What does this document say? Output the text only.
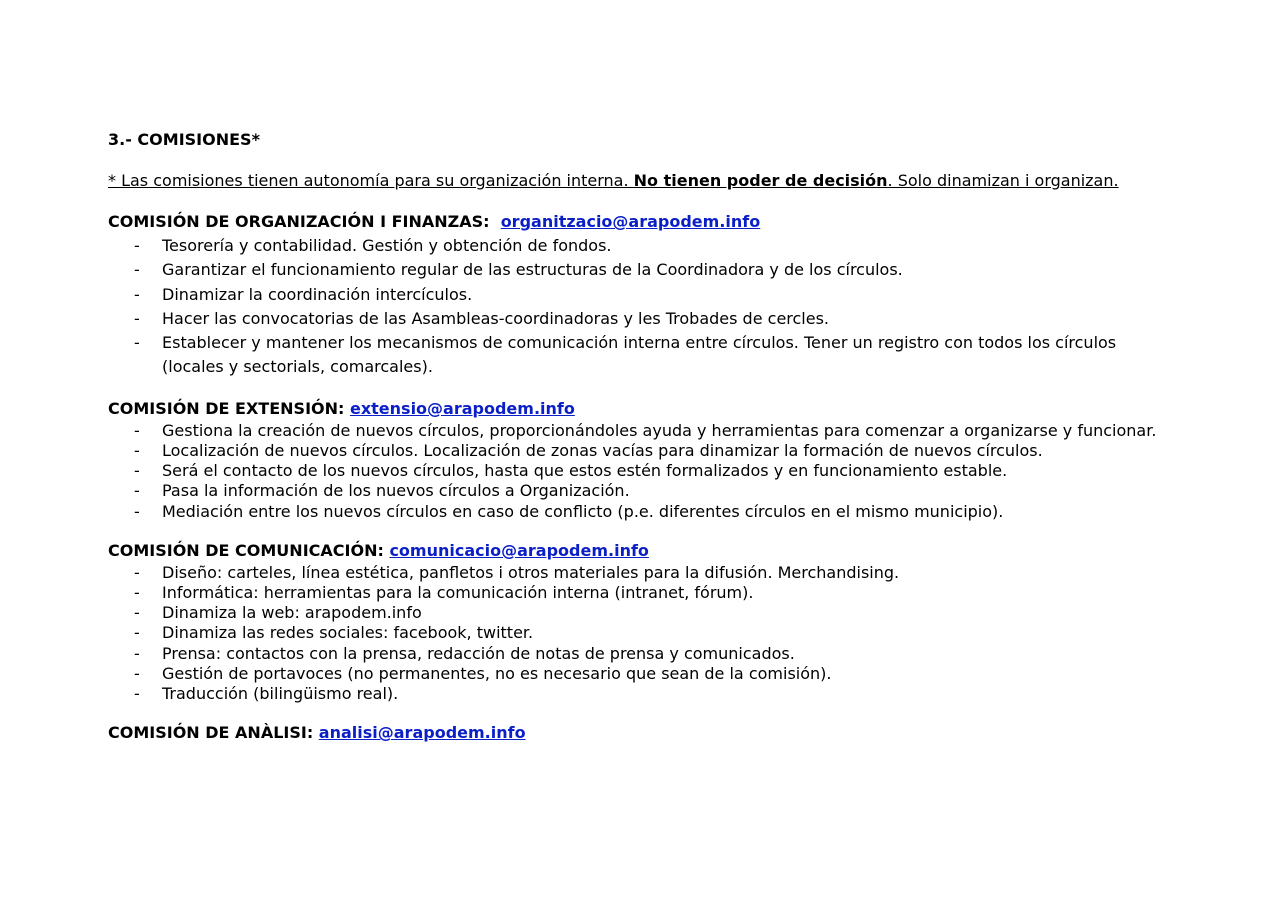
3.- COMISIONES*
* Las comisiones tienen autonomía para su organización interna. No tienen poder de decisión. Solo dinamizan i organizan.
COMISIÓN DE ORGANIZACIÓN I FINANZAS:  organitzacio@arapodem.info
- Tesorería y contabilidad. Gestión y obtención de fondos.
- Garantizar el funcionamiento regular de las estructuras de la Coordinadora y de los círculos.
- Dinamizar la coordinación intercículos.
- Hacer las convocatorias de las Asambleas-coordinadoras y les Trobades de cercles.
- Establecer y mantener los mecanismos de comunicación interna entre círculos. Tener un registro con todos los círculos (locales y sectorials, comarcales).
COMISIÓN DE EXTENSIÓN: extensio@arapodem.info
- Gestiona la creación de nuevos círculos, proporcionándoles ayuda y herramientas para comenzar a organizarse y funcionar.
- Localización de nuevos círculos. Localización de zonas vacías para dinamizar la formación de nuevos círculos.
- Será el contacto de los nuevos círculos, hasta que estos estén formalizados y en funcionamiento estable.
- Pasa la información de los nuevos círculos a Organización.
- Mediación entre los nuevos círculos en caso de conflicto (p.e. diferentes círculos en el mismo municipio).
COMISIÓN DE COMUNICACIÓN: comunicacio@arapodem.info
- Diseño: carteles, línea estética, panfletos i otros materiales para la difusión. Merchandising.
- Informática: herramientas para la comunicación interna (intranet, fórum).
- Dinamiza la web: arapodem.info
- Dinamiza las redes sociales: facebook, twitter.
- Prensa: contactos con la prensa, redacción de notas de prensa y comunicados.
- Gestión de portavoces (no permanentes, no es necesario que sean de la comisión).
- Traducción (bilingüismo real).
COMISIÓN DE ANÀLISI: analisi@arapodem.info
